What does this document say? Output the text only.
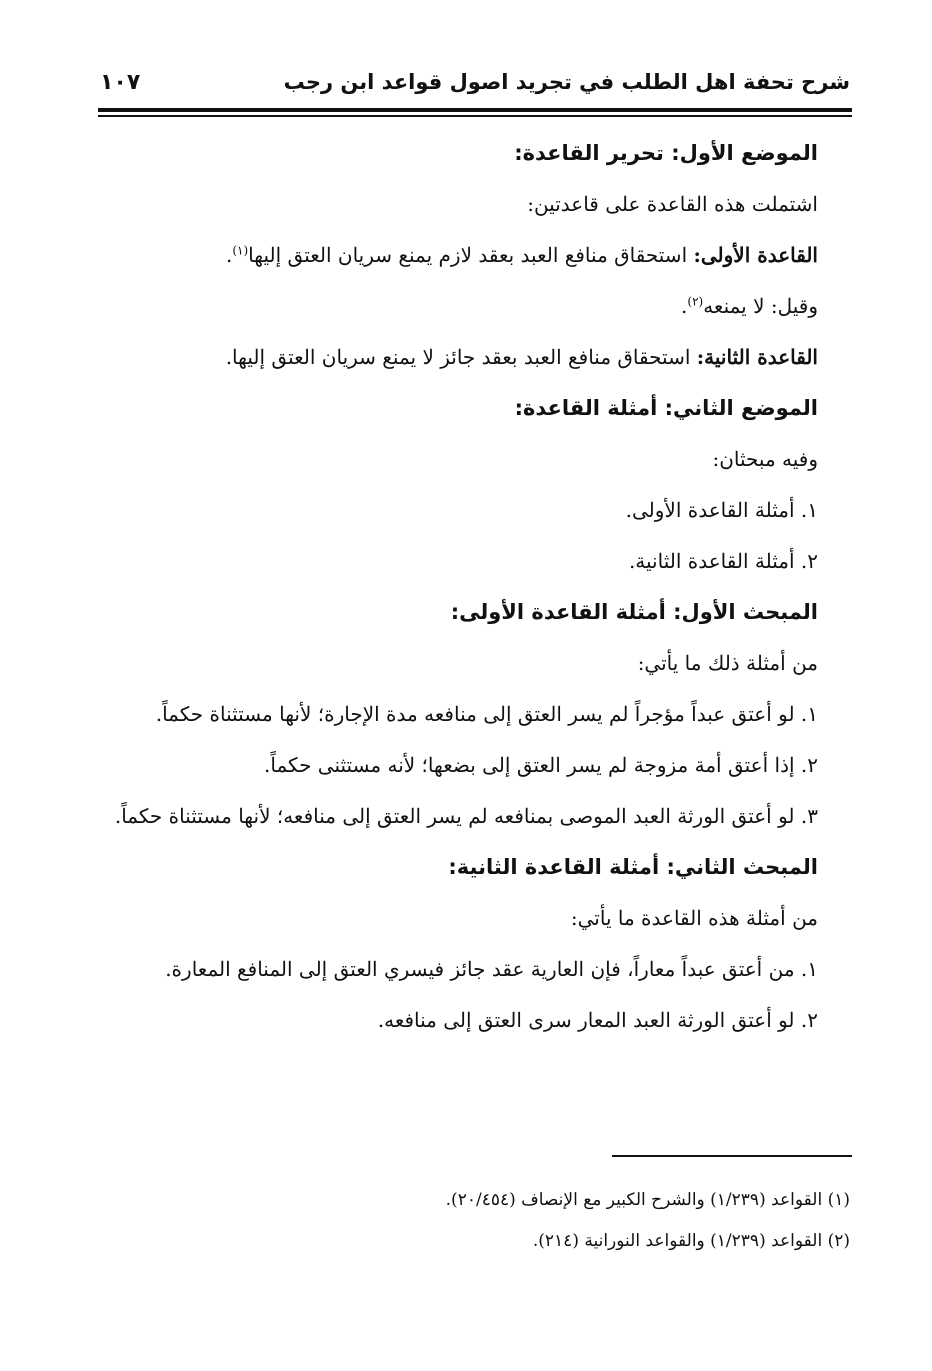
شرح تحفة اهل الطلب في تجريد اصول قواعد ابن رجب
١٠٧

الموضع الأول: تحرير القاعدة:

اشتملت هذه القاعدة على قاعدتين:

القاعدة الأولى: استحقاق منافع العبد بعقد لازم يمنع سريان العتق إليها$^{(١)}$.

وقيل: لا يمنعه$^{(٢)}$.

القاعدة الثانية: استحقاق منافع العبد بعقد جائز لا يمنع سريان العتق إليها.

الموضع الثاني: أمثلة القاعدة:

وفيه مبحثان:

١. أمثلة القاعدة الأولى.

٢. أمثلة القاعدة الثانية.

المبحث الأول: أمثلة القاعدة الأولى:

من أمثلة ذلك ما يأتي:

١. لو أعتق عبداً مؤجراً لم يسر العتق إلى منافعه مدة الإجارة؛ لأنها مستثناة حكماً.

٢. إذا أعتق أمة مزوجة لم يسر العتق إلى بضعها؛ لأنه مستثنى حكماً.

٣. لو أعتق الورثة العبد الموصى بمنافعه لم يسر العتق إلى منافعه؛ لأنها مستثناة حكماً.

المبحث الثاني: أمثلة القاعدة الثانية:

من أمثلة هذه القاعدة ما يأتي:

١. من أعتق عبداً معاراً، فإن العارية عقد جائز فيسري العتق إلى المنافع المعارة.

٢. لو أعتق الورثة العبد المعار سرى العتق إلى منافعه.

(١) القواعد (١/٢٣٩) والشرح الكبير مع الإنصاف (٢٠/٤٥٤).

(٢) القواعد (١/٢٣٩) والقواعد النورانية (٢١٤).
